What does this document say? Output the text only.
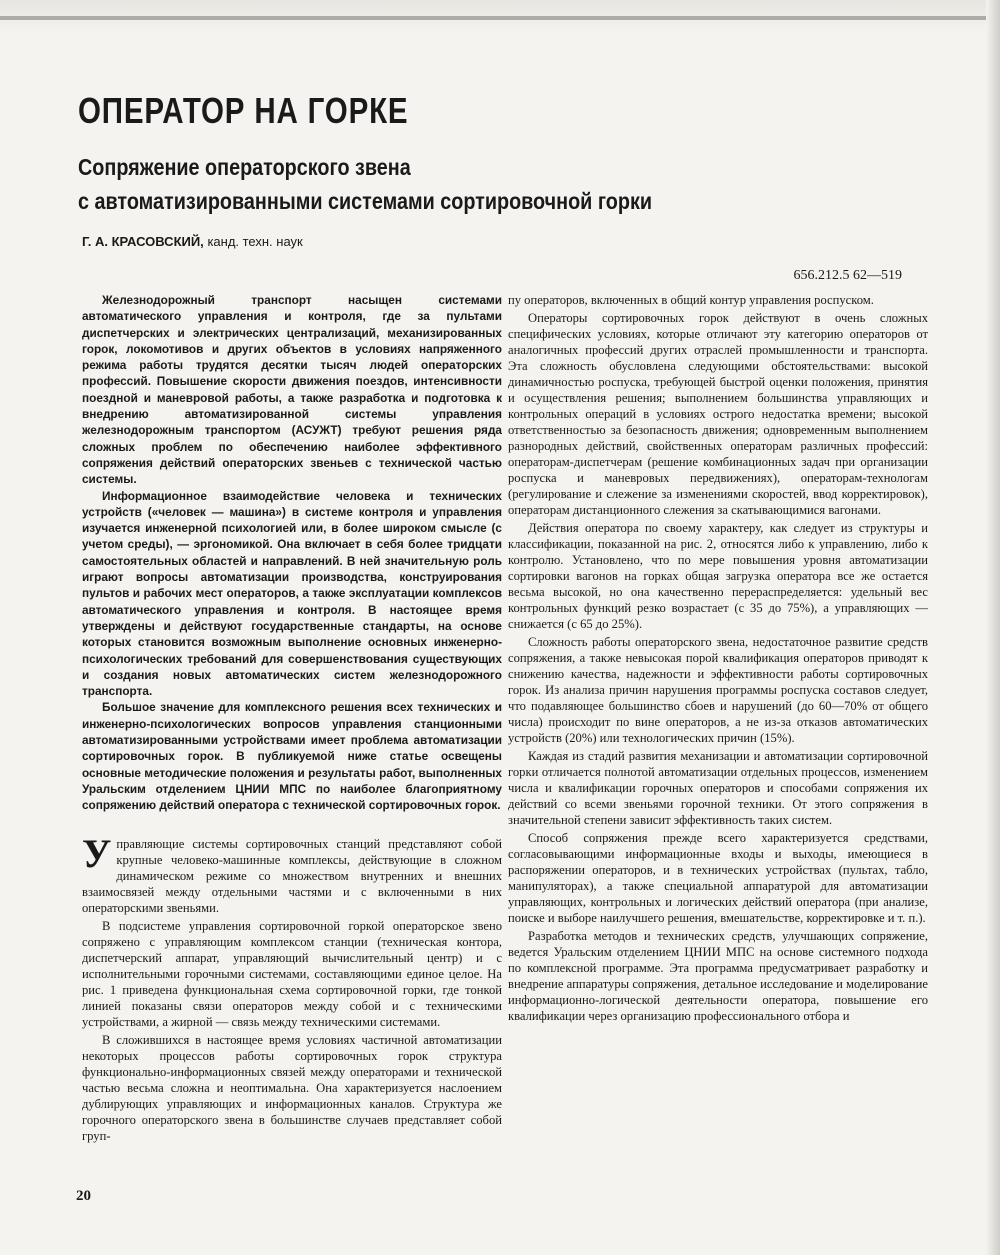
ОПЕРАТОР НА ГОРКЕ
Сопряжение операторского звена
с автоматизированными системами сортировочной горки
Г. А. КРАСОВСКИЙ, канд. техн. наук
656.212.5 62—519

Железнодорожный транспорт насыщен системами автоматического управления и контроля, где за пультами диспетчерских и электрических централизаций, механизированных горок, локомотивов и других объектов в условиях напряженного режима работы трудятся десятки тысяч людей операторских профессий. Повышение скорости движения поездов, интенсивности поездной и маневровой работы, а также разработка и подготовка к внедрению автоматизированной системы управления железнодорожным транспортом (АСУЖТ) требуют решения ряда сложных проблем по обеспечению наиболее эффективного сопряжения действий операторских звеньев с технической частью системы.

Информационное взаимодействие человека и технических устройств («человек — машина») в системе контроля и управления изучается инженерной психологией или, в более широком смысле (с учетом среды), — эргономикой. Она включает в себя более тридцати самостоятельных областей и направлений. В ней значительную роль играют вопросы автоматизации производства, конструирования пультов и рабочих мест операторов, а также эксплуатации комплексов автоматического управления и контроля. В настоящее время утверждены и действуют государственные стандарты, на основе которых становится возможным выполнение основных инженерно-психологических требований для совершенствования существующих и создания новых автоматических систем железнодорожного транспорта.

Большое значение для комплексного решения всех технических и инженерно-психологических вопросов управления станционными автоматизированными устройствами имеет проблема автоматизации сортировочных горок. В публикуемой ниже статье освещены основные методические положения и результаты работ, выполненных Уральским отделением ЦНИИ МПС по наиболее благоприятному сопряжению действий оператора с технической сортировочных горок.

Управляющие системы сортировочных станций представляют собой крупные человеко-машинные комплексы, действующие в сложном динамическом режиме со множеством внутренних и внешних взаимосвязей между отдельными частями и с включенными в них операторскими звеньями.

В подсистеме управления сортировочной горкой операторское звено сопряжено с управляющим комплексом станции (техническая контора, диспетчерский аппарат, управляющий вычислительный центр) и с исполнительными горочными системами, составляющими единое целое. На рис. 1 приведена функциональная схема сортировочной горки, где тонкой линией показаны связи операторов между собой и с техническими устройствами, а жирной — связь между техническими системами.

В сложившихся в настоящее время условиях частичной автоматизации некоторых процессов работы сортировочных горок структура функционально-информационных связей между операторами и технической частью весьма сложна и неоптимальна. Она характеризуется наслоением дублирующих управляющих и информационных каналов. Структура же горочного операторского звена в большинстве случаев представляет собой груп-

пу операторов, включенных в общий контур управления роспуском.

Операторы сортировочных горок действуют в очень сложных специфических условиях, которые отличают эту категорию операторов от аналогичных профессий других отраслей промышленности и транспорта. Эта сложность обусловлена следующими обстоятельствами: высокой динамичностью роспуска, требующей быстрой оценки положения, принятия и осуществления решения; выполнением большинства управляющих и контрольных операций в условиях острого недостатка времени; высокой ответственностью за безопасность движения; одновременным выполнением разнородных действий, свойственных операторам различных профессий: операторам-диспетчерам (решение комбинационных задач при организации роспуска и маневровых передвижениях), операторам-технологам (регулирование и слежение за изменениями скоростей, ввод корректировок), операторам дистанционного слежения за скатывающимися вагонами.

Действия оператора по своему характеру, как следует из структуры и классификации, показанной на рис. 2, относятся либо к управлению, либо к контролю. Установлено, что по мере повышения уровня автоматизации сортировки вагонов на горках общая загрузка оператора все же остается весьма высокой, но она качественно перераспределяется: удельный вес контрольных функций резко возрастает (с 35 до 75%), а управляющих — снижается (с 65 до 25%).

Сложность работы операторского звена, недостаточное развитие средств сопряжения, а также невысокая порой квалификация операторов приводят к снижению качества, надежности и эффективности работы сортировочных горок. Из анализа причин нарушения программы роспуска составов следует, что подавляющее большинство сбоев и нарушений (до 60—70% от общего числа) происходит по вине операторов, а не из-за отказов автоматических устройств (20%) или технологических причин (15%).

Каждая из стадий развития механизации и автоматизации сортировочной горки отличается полнотой автоматизации отдельных процессов, изменением числа и квалификации горочных операторов и способами сопряжения их действий со всеми звеньями горочной техники. От этого сопряжения в значительной степени зависит эффективность таких систем.

Способ сопряжения прежде всего характеризуется средствами, согласовывающими информационные входы и выходы, имеющиеся в распоряжении операторов, и в технических устройствах (пультах, табло, манипуляторах), а также специальной аппаратурой для автоматизации управляющих, контрольных и логических действий оператора (при анализе, поиске и выборе наилучшего решения, вмешательстве, корректировке и т. п.).

Разработка методов и технических средств, улучшающих сопряжение, ведется Уральским отделением ЦНИИ МПС на основе системного подхода по комплексной программе. Эта программа предусматривает разработку и внедрение аппаратуры сопряжения, детальное исследование и моделирование информационно-логической деятельности оператора, повышение его квалификации через организацию профессионального отбора и

20
